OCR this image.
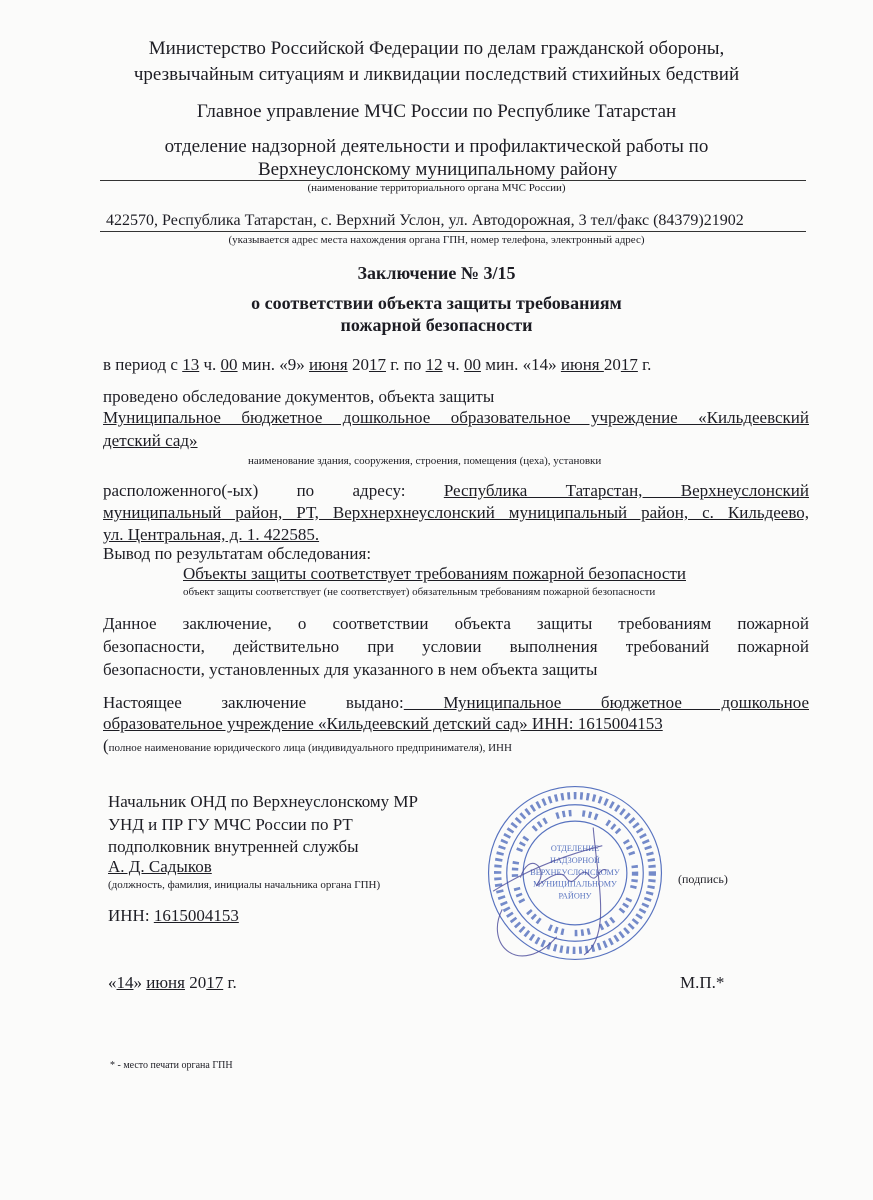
Министерство Российской Федерации по делам гражданской обороны,
чрезвычайным ситуациям и ликвидации последствий стихийных бедствий
Главное управление МЧС России по Республике Татарстан
отделение надзорной деятельности и профилактической работы по
Верхнеуслонскому муниципальному району
(наименование территориального органа МЧС России)
422570, Республика Татарстан, с. Верхний Услон, ул. Автодорожная, 3 тел/факс (84379)21902
(указывается адрес места нахождения органа ГПН, номер телефона, электронный адрес)
Заключение № 3/15
о соответствии объекта защиты требованиям
пожарной безопасности
в период с 13 ч. 00 мин. «9» июня 2017 г. по 12 ч. 00 мин. «14» июня 2017 г.
проведено обследование документов, объекта защиты
Муниципальное бюджетное дошкольное образовательное учреждение «Кильдеевский
детский сад»
наименование здания, сооружения, строения, помещения (цеха), установки
расположенного(-ых) по адресу: Республика Татарстан, Верхнеуслонский
муниципальный район, РТ, Верхнерхнеуслонский муниципальный район, с. Кильдеево,
ул. Центральная, д. 1. 422585.
Вывод по результатам обследования:
Объекты защиты соответствует требованиям пожарной безопасности
объект защиты соответствует (не соответствует) обязательным требованиям пожарной безопасности
Данное заключение, о соответствии объекта защиты требованиям пожарной
безопасности, действительно при условии выполнения требований пожарной
безопасности, установленных для указанного в нем объекта защиты
Настоящее заключение выдано: Муниципальное бюджетное дошкольное
образовательное учреждение «Кильдеевский детский сад» ИНН: 1615004153
(полное наименование юридического лица (индивидуального предпринимателя), ИНН
Начальник ОНД по Верхнеуслонскому МР
УНД и ПР ГУ МЧС России по РТ
подполковник внутренней службы
А. Д. Садыков
(должность, фамилия, инициалы начальника органа ГПН)	(подпись)
ИНН: 1615004153
«14» июня 2017 г.	М.П.*
* - место печати органа ГПН
ОТДЕЛЕНИЕ
НАДЗОРНОЙ
ВЕРХНЕУСЛОНСКОМУ
МУНИЦИПАЛЬНОМУ
РАЙОНУ
